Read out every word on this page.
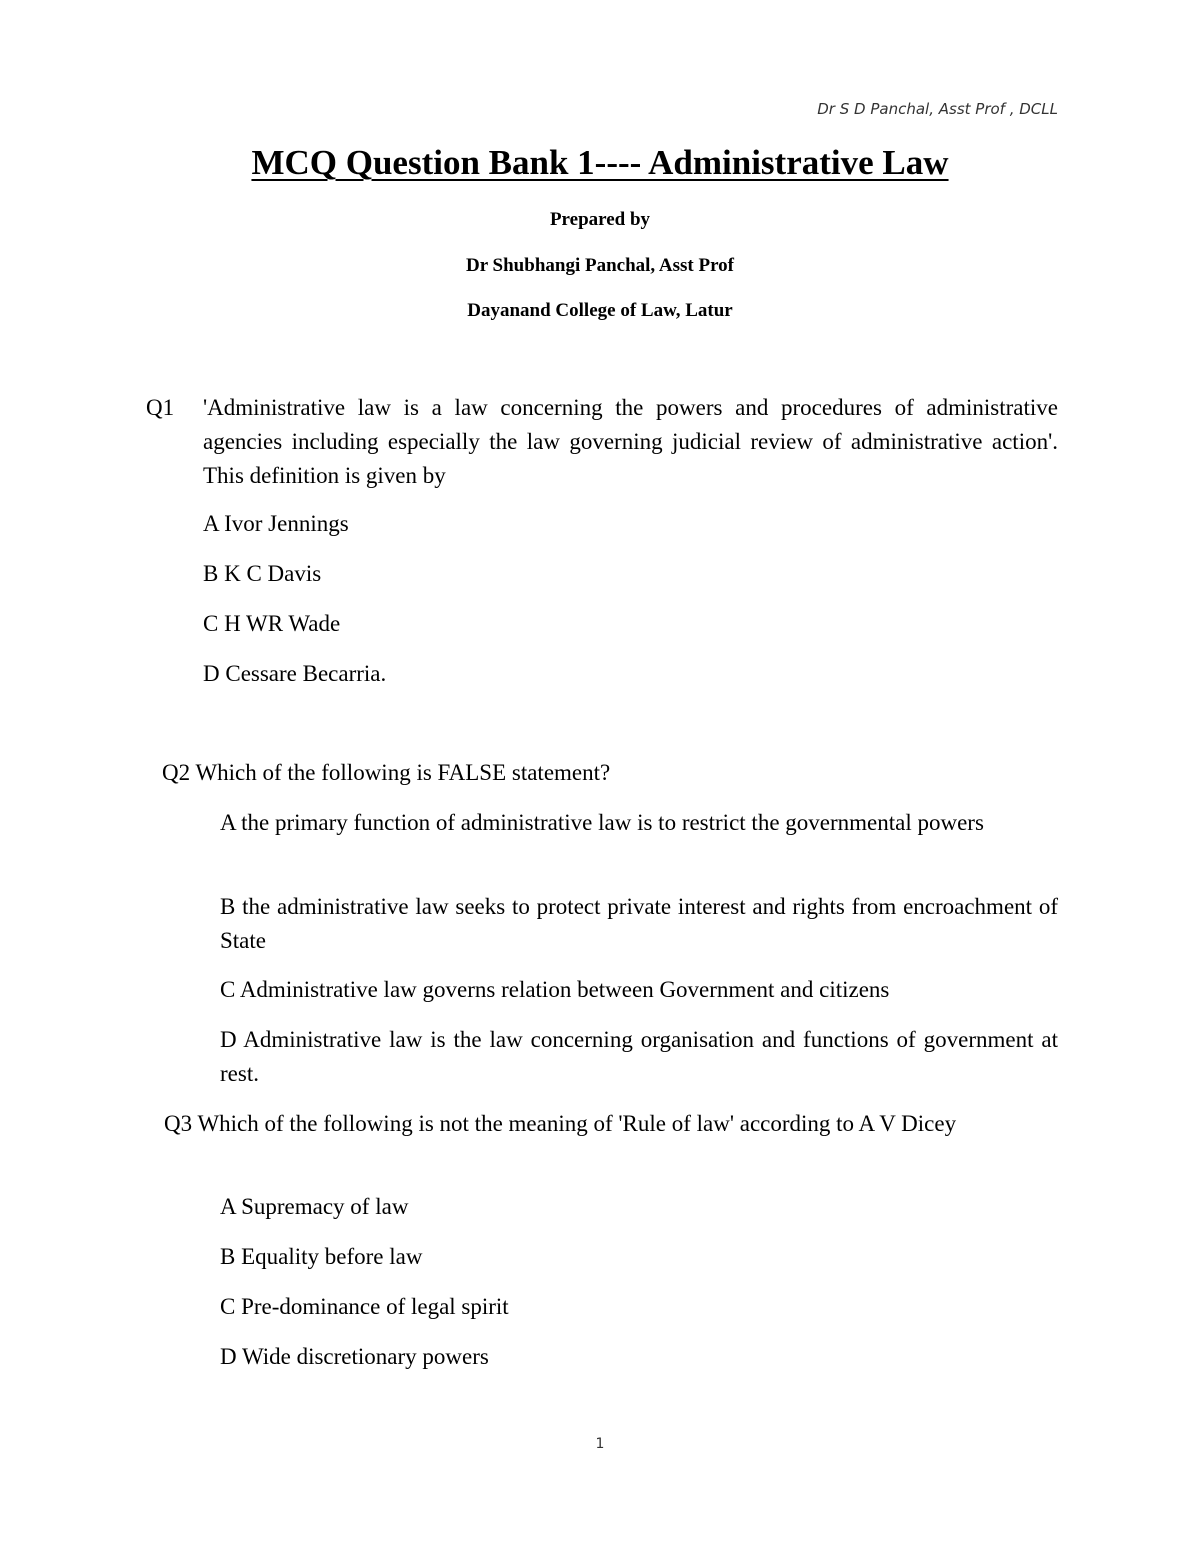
Dr S D Panchal, Asst Prof , DCLL
MCQ Question Bank 1---- Administrative Law
Prepared by
Dr Shubhangi Panchal, Asst Prof
Dayanand College of Law, Latur
Q1 'Administrative law is a law concerning the powers and procedures of administrative agencies including especially the law governing judicial review of administrative action'. This definition is given by
A Ivor Jennings
B K C Davis
C H WR Wade
D Cessare Becarria.
Q2 Which of the following is FALSE statement?
A the primary function of administrative law is to restrict the governmental powers
B the administrative law seeks to protect private interest and rights from encroachment of State
C Administrative law governs relation between Government and citizens
D Administrative law is the law concerning organisation and functions of government at rest.
Q3 Which of the following is not the meaning of 'Rule of law' according to A V Dicey
A Supremacy of law
B Equality before law
C Pre-dominance of legal spirit
D Wide discretionary powers
1
